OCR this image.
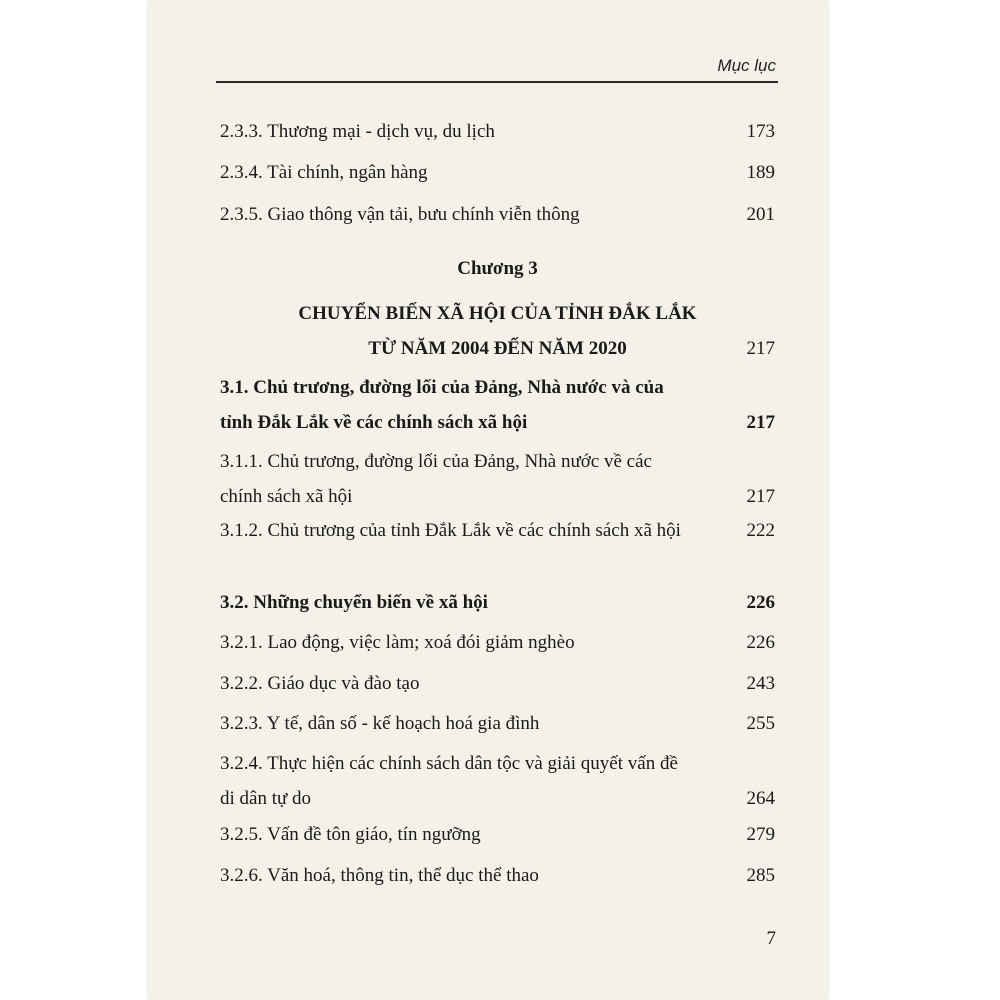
Mục lục
2.3.3. Thương mại - dịch vụ, du lịch	173
2.3.4. Tài chính, ngân hàng	189
2.3.5. Giao thông vận tải, bưu chính viễn thông	201
Chương 3
CHUYỂN BIẾN XÃ HỘI CỦA TỈNH ĐẮK LẮK
TỪ NĂM 2004 ĐẾN NĂM 2020	217
3.1. Chủ trương, đường lối của Đảng, Nhà nước và của tỉnh Đắk Lắk về các chính sách xã hội	217
3.1.1. Chủ trương, đường lối của Đảng, Nhà nước về các chính sách xã hội	217
3.1.2. Chủ trương của tỉnh Đắk Lắk về các chính sách xã hội	222
3.2. Những chuyển biến về xã hội	226
3.2.1. Lao động, việc làm; xoá đói giảm nghèo	226
3.2.2. Giáo dục và đào tạo	243
3.2.3. Y tế, dân số - kế hoạch hoá gia đình	255
3.2.4. Thực hiện các chính sách dân tộc và giải quyết vấn đề di dân tự do	264
3.2.5. Vấn đề tôn giáo, tín ngưỡng	279
3.2.6. Văn hoá, thông tin, thể dục thể thao	285
7
